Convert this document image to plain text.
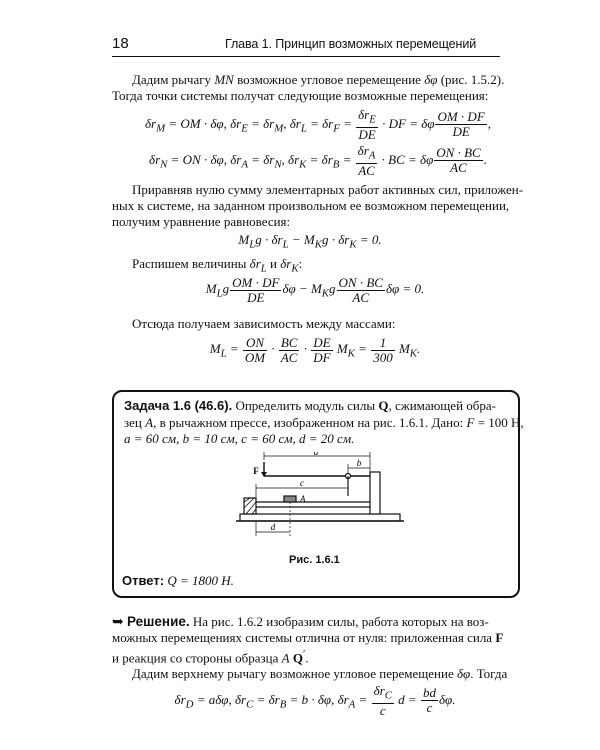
18	Глава 1. Принцип возможных перемещений
Дадим рычагу MN возможное угловое перемещение δφ (рис. 1.5.2).
Тогда точки системы получат следующие возможные перемещения:
$\delta r_M$ = OM · δφ, $\delta r_E = \delta r_M$, $\delta r_L = \delta r_F = \frac{\delta r_E}{DE}$ · DF = δφ $\frac{OM \cdot DF}{DE}$ ,
$\delta r_N$ = ON · δφ, $\delta r_A = \delta r_N$, $\delta r_K = \delta r_B = \frac{\delta r_A}{AC}$ · BC = δφ $\frac{ON \cdot BC}{AC}$ .
Приравняв нулю сумму элементарных работ активных сил, приложен-
ных к системе, на заданном произвольном ее возможном перемещении,
получим уравнение равновесия:
$M_Lg \cdot \delta r_L - M_Kg \cdot \delta r_K = 0$.
Распишем величины $\delta r_L$ и $\delta r_K$:
$M_Lg \frac{OM \cdot DF}{DE}$ $\delta\varphi - M_Kg \frac{ON \cdot BC}{AC}$ δφ = 0.
Отсюда получаем зависимость между массами:
$M_L = \frac{ON}{OM} \cdot \frac{BC}{AC} \cdot \frac{DE}{DF} M_K = \frac{1}{300} M_K$.
Задача 1.6 (46.6). Определить модуль силы Q, сжимающей обра-
зец A, в рычажном прессе, изображенном на рис. 1.6.1. Дано: F = 100 Н,
a = 60 см, b = 10 см, c = 60 см, d = 20 см.
a
b
c
d
F
A
Рис. 1.6.1
Ответ: Q = 1800 Н.
➥ Решение. На рис. 1.6.2 изобразим силы, работа которых на воз-
можных перемещениях системы отлична от нуля: приложенная сила F
и реакция со стороны образца A Q′.
Дадим верхнему рычагу возможное угловое перемещение δφ. Тогда
$\delta r_D = a\delta\varphi$, $\delta r_C = \delta r_B = b \cdot \delta\varphi$, $\delta r_A = \frac{\delta r_C}{c}$ $d = \frac{bd}{c} \delta\varphi$.
